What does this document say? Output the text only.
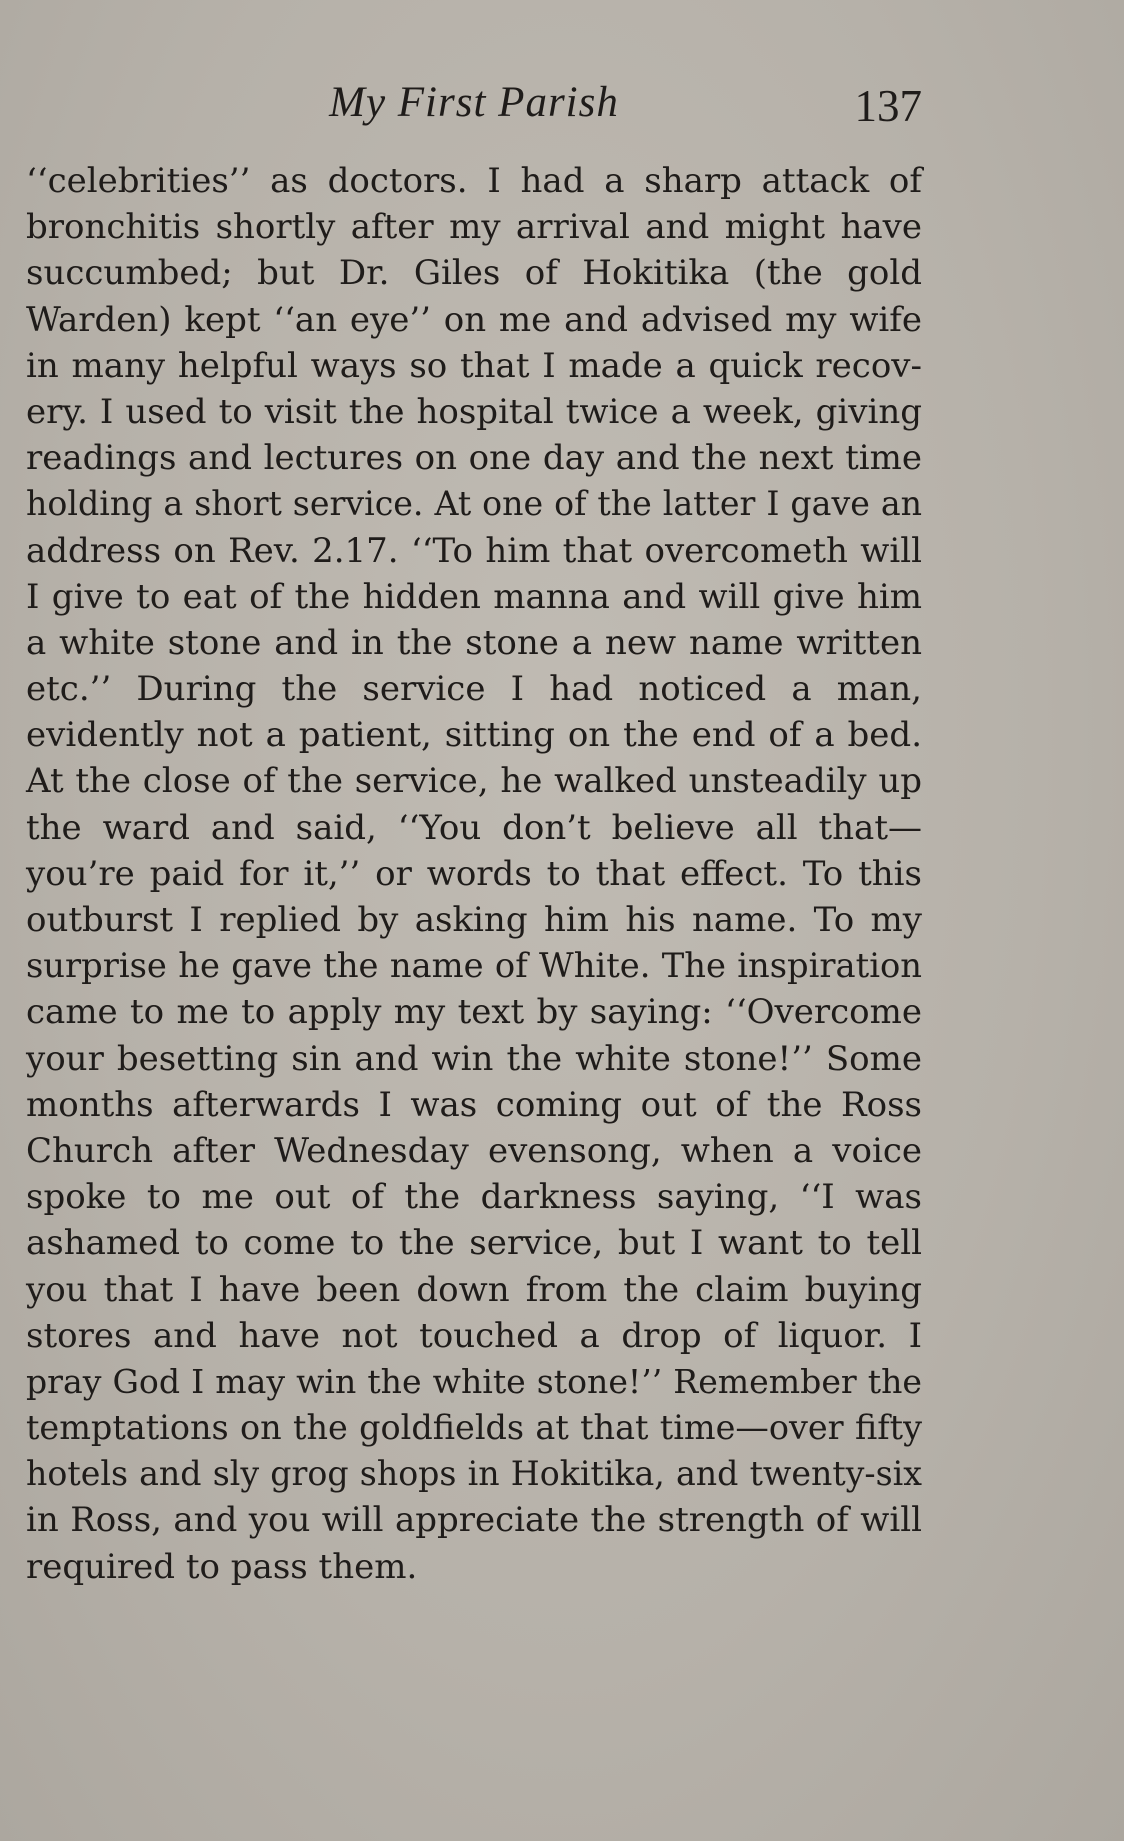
My First Parish	137
‘‘celebrities’’ as doctors. I had a sharp attack of
bronchitis shortly after my arrival and might have
succumbed; but Dr. Giles of Hokitika (the gold
Warden) kept ‘‘an eye’’ on me and advised my wife
in many helpful ways so that I made a quick recov-
ery. I used to visit the hospital twice a week, giving
readings and lectures on one day and the next time
holding a short service. At one of the latter I gave an
address on Rev. 2.17. ‘‘To him that overcometh will
I give to eat of the hidden manna and will give him
a white stone and in the stone a new name written
etc.’’ During the service I had noticed a man,
evidently not a patient, sitting on the end of a bed.
At the close of the service, he walked unsteadily up
the ward and said, ‘‘You don’t believe all that—
you’re paid for it,’’ or words to that effect. To this
outburst I replied by asking him his name. To my
surprise he gave the name of White. The inspiration
came to me to apply my text by saying: ‘‘Overcome
your besetting sin and win the white stone!’’ Some
months afterwards I was coming out of the Ross
Church after Wednesday evensong, when a voice
spoke to me out of the darkness saying, ‘‘I was
ashamed to come to the service, but I want to tell
you that I have been down from the claim buying
stores and have not touched a drop of liquor. I
pray God I may win the white stone!’’ Remember the
temptations on the goldfields at that time—over fifty
hotels and sly grog shops in Hokitika, and twenty-six
in Ross, and you will appreciate the strength of will
required to pass them.
